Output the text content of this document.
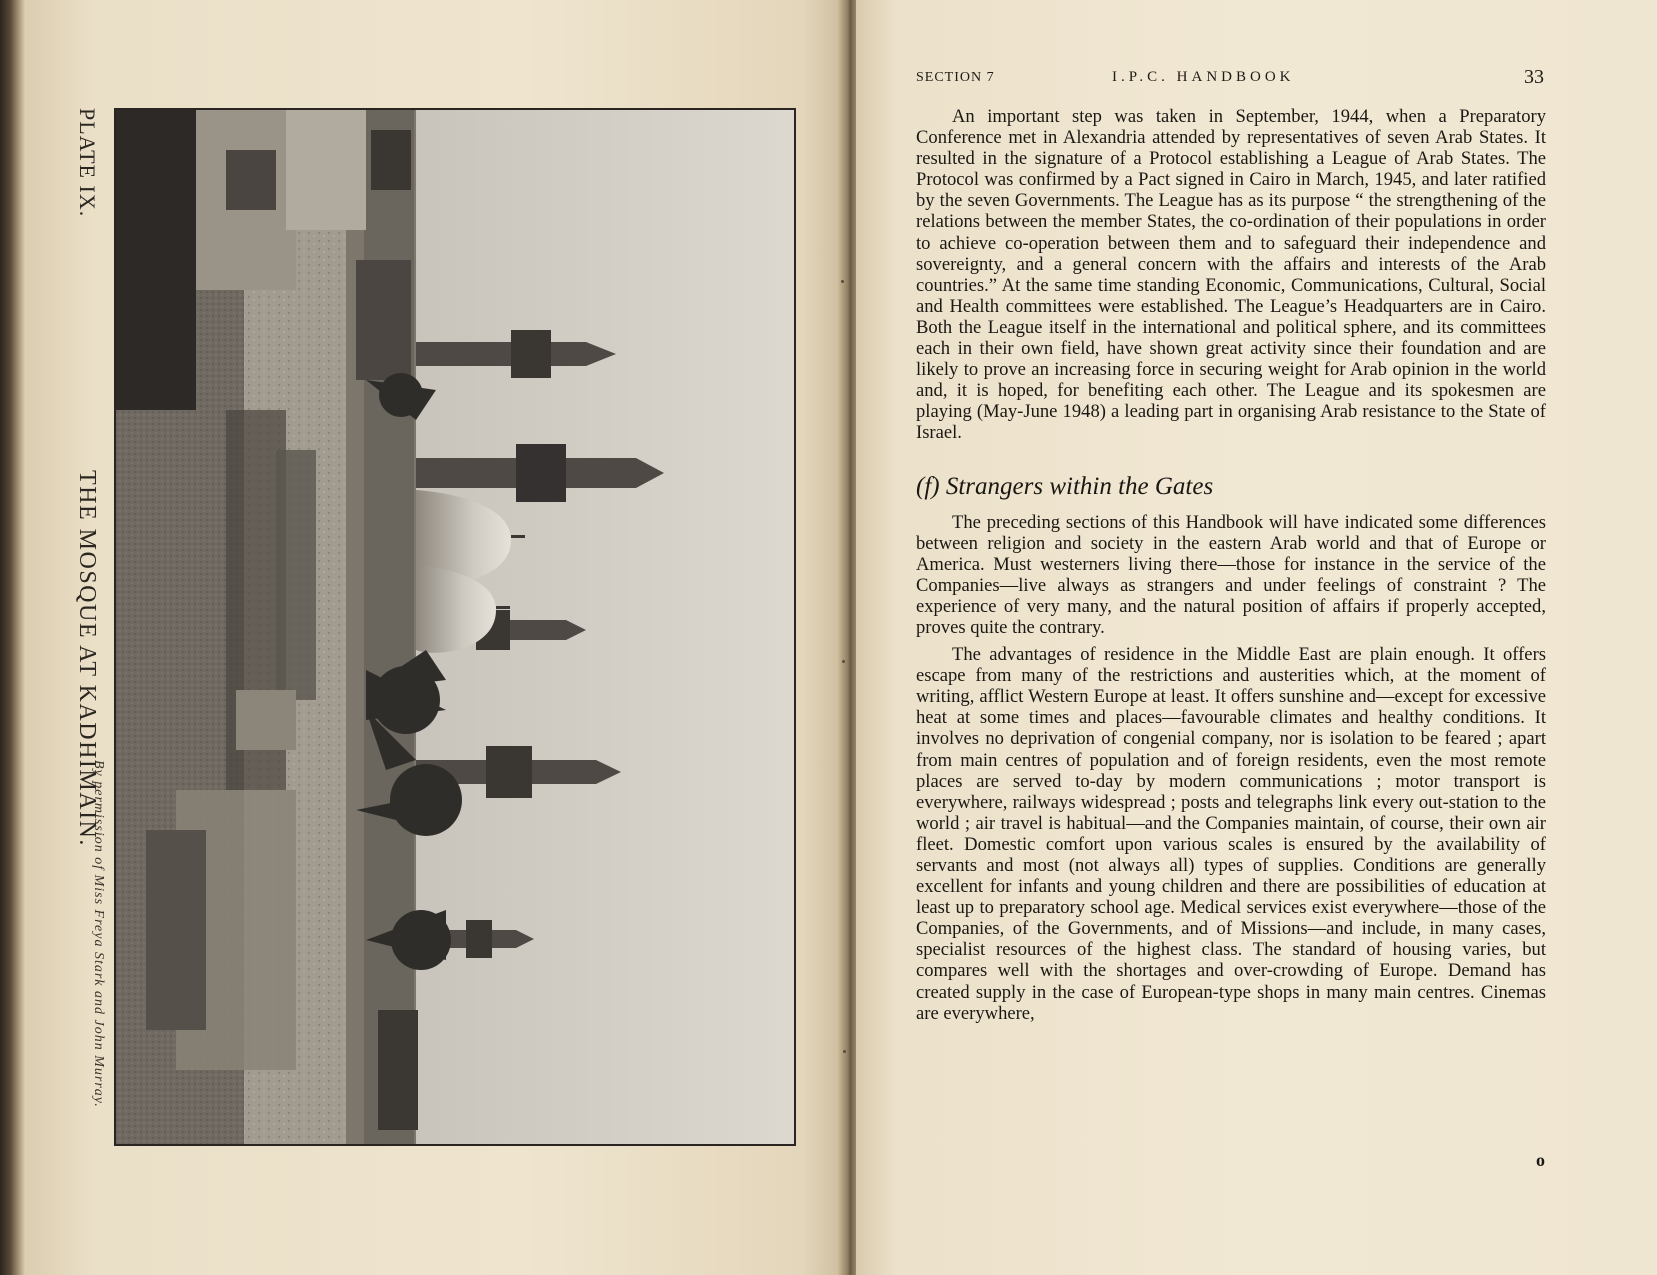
PLATE IX.
THE MOSQUE AT KADHIMAIN.
By permission of Miss Freya Stark and John Murray.
SECTION 7	I.P.C. HANDBOOK	33

An important step was taken in September, 1944, when a Preparatory Conference met in Alexandria attended by representatives of seven Arab States. It resulted in the signature of a Protocol establishing a League of Arab States. The Protocol was confirmed by a Pact signed in Cairo in March, 1945, and later ratified by the seven Governments. The League has as its purpose “ the strengthening of the relations between the member States, the co-ordination of their populations in order to achieve co-operation between them and to safeguard their independence and sovereignty, and a general concern with the affairs and interests of the Arab countries.” At the same time standing Economic, Communications, Cultural, Social and Health committees were established. The League’s Headquarters are in Cairo. Both the League itself in the international and political sphere, and its committees each in their own field, have shown great activity since their foundation and are likely to prove an increasing force in securing weight for Arab opinion in the world and, it is hoped, for benefiting each other. The League and its spokesmen are playing (May-June 1948) a leading part in organising Arab resistance to the State of Israel.

(f) Strangers within the Gates

The preceding sections of this Handbook will have indicated some differences between religion and society in the eastern Arab world and that of Europe or America. Must westerners living there—those for instance in the service of the Companies—live always as strangers and under feelings of constraint ? The experience of very many, and the natural position of affairs if properly accepted, proves quite the contrary.

The advantages of residence in the Middle East are plain enough. It offers escape from many of the restrictions and austerities which, at the moment of writing, afflict Western Europe at least. It offers sunshine and—except for excessive heat at some times and places—favourable climates and healthy conditions. It involves no deprivation of congenial company, nor is isolation to be feared ; apart from main centres of population and of foreign residents, even the most remote places are served to-day by modern communications ; motor transport is everywhere, railways widespread ; posts and telegraphs link every out-station to the world ; air travel is habitual—and the Companies maintain, of course, their own air fleet. Domestic comfort upon various scales is ensured by the availability of servants and most (not always all) types of supplies. Conditions are generally excellent for infants and young children and there are possibilities of education at least up to preparatory school age. Medical services exist everywhere—those of the Companies, of the Governments, and of Missions—and include, in many cases, specialist resources of the highest class. The standard of housing varies, but compares well with the shortages and over-crowding of Europe. Demand has created supply in the case of European-type shops in many main centres. Cinemas are everywhere,

o
